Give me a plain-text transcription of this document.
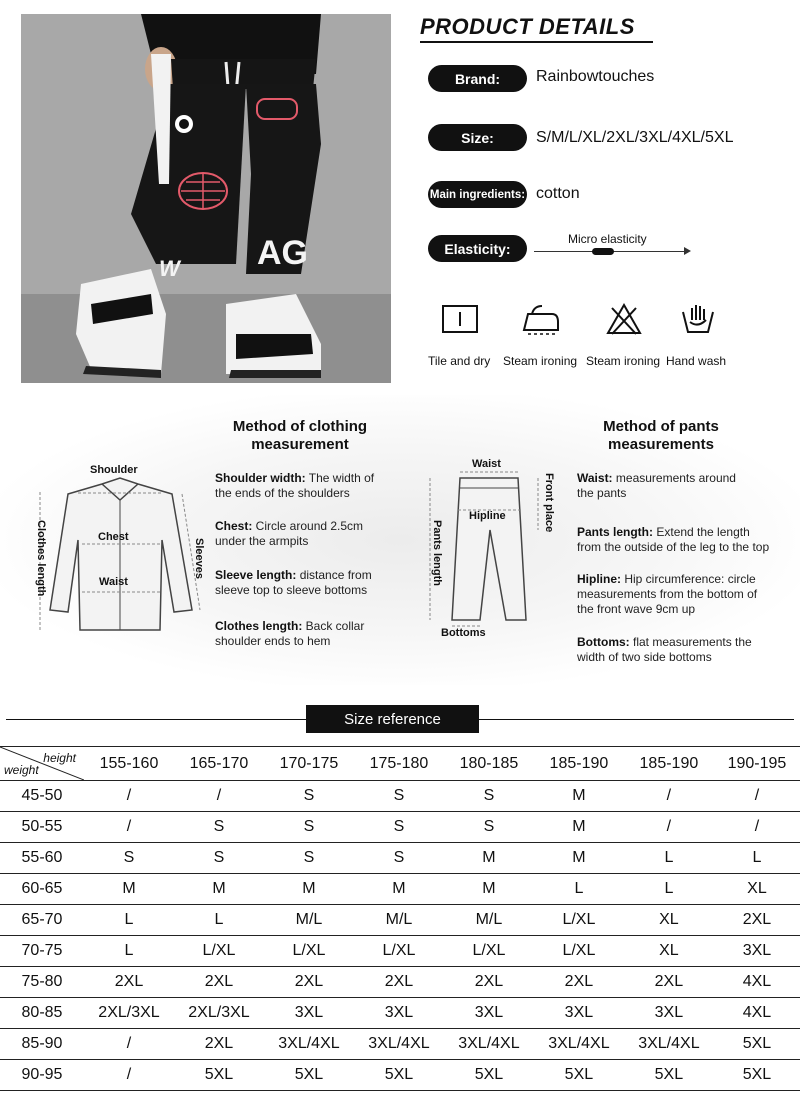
AG
W
PRODUCT DETAILS
Brand:	Rainbowtouches
Size:	S/M/L/XL/2XL/3XL/4XL/5XL
Main ingredients: cotton
Elasticity:
Micro elasticity
Tile and dry Steam ironing Steam ironing Hand wash
Method of clothing
measurement
Shoulder
Chest
Waist
Clothes length	Sleeves
Shoulder width: The width of
the ends of the shoulders
Chest: Circle around 2.5cm
under the armpits
Sleeve length: distance from
sleeve top to sleeve bottoms
Clothes length: Back collar
shoulder ends to hem
Waist
Hipline
Bottoms
Pants length
Front place
Method of pants
measurements
Waist: measurements around
the pants
Pants length: Extend the length
from the outside of the leg to the top
Hipline: Hip circumference: circle
measurements from the bottom of
the front wave 9cm up
Bottoms: flat measurements the
width of two side bottoms
Size reference
height
weight	155-160	165-170	170-175	175-180	180-185	185-190	185-190	190-195
45-50	/	/	S	S	S	M	/	/
50-55	/	S	S	S	S	M	/	/
55-60	S	S	S	S	M	M	L	L
60-65	M	M	M	M	M	L	L	XL
65-70	L	L	M/L	M/L	M/L	L/XL	XL	2XL
70-75	L	L/XL	L/XL	L/XL	L/XL	L/XL	XL	3XL
75-80	2XL	2XL	2XL	2XL	2XL	2XL	2XL	4XL
80-85	2XL/3XL	2XL/3XL	3XL	3XL	3XL	3XL	3XL	4XL
85-90	/	2XL	3XL/4XL	3XL/4XL	3XL/4XL	3XL/4XL	3XL/4XL	5XL
90-95	/	5XL	5XL	5XL	5XL	5XL	5XL	5XL
